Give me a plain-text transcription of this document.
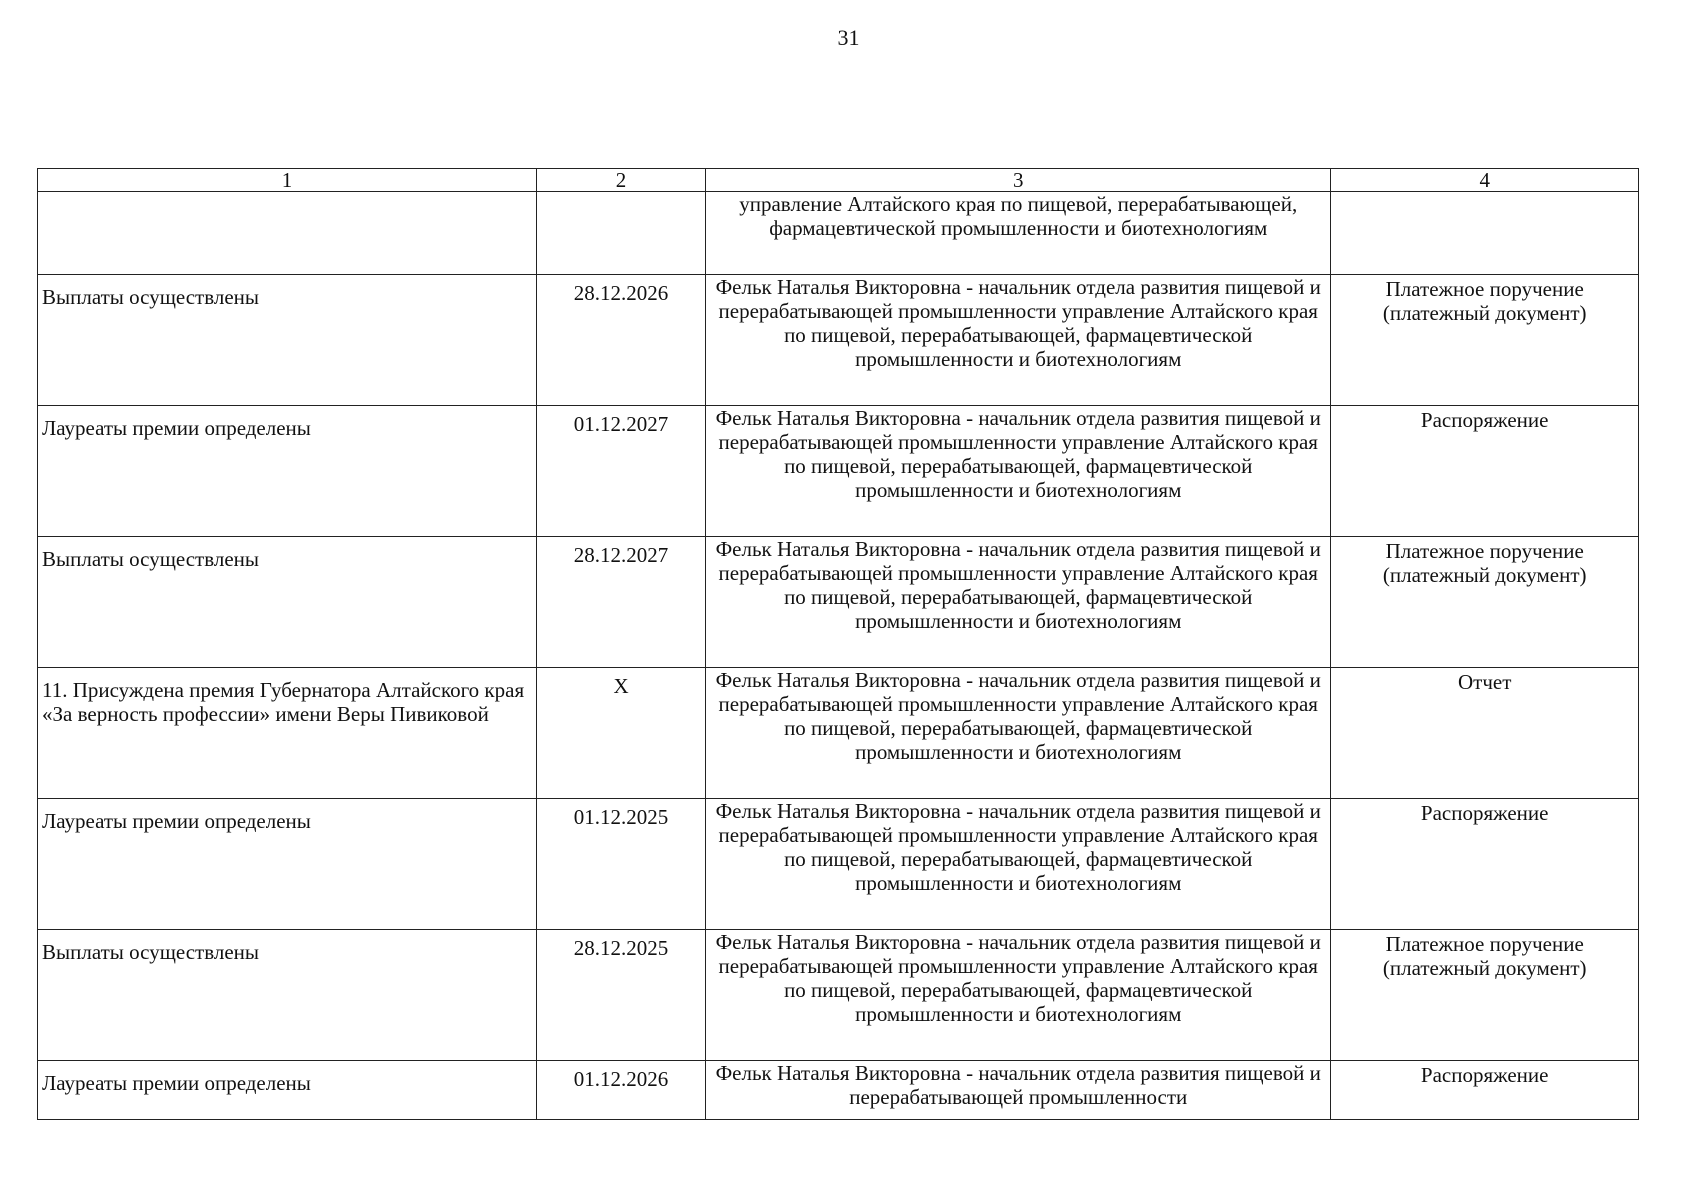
31
1	2	3	4
		управление Алтайского края по пищевой, перерабатывающей, фармацевтической промышленности и биотехнологиям	
Выплаты осуществлены	28.12.2026	Фельк Наталья Викторовна - начальник отдела развития пищевой и перерабатывающей промышленности управление Алтайского края по пищевой, перерабатывающей, фармацевтической промышленности и биотехнологиям	Платежное поручение (платежный документ)
Лауреаты премии определены	01.12.2027	Фельк Наталья Викторовна - начальник отдела развития пищевой и перерабатывающей промышленности управление Алтайского края по пищевой, перерабатывающей, фармацевтической промышленности и биотехнологиям	Распоряжение
Выплаты осуществлены	28.12.2027	Фельк Наталья Викторовна - начальник отдела развития пищевой и перерабатывающей промышленности управление Алтайского края по пищевой, перерабатывающей, фармацевтической промышленности и биотехнологиям	Платежное поручение (платежный документ)
11. Присуждена премия Губернатора Алтайского края «За верность профессии» имени Веры Пивиковой	Х	Фельк Наталья Викторовна - начальник отдела развития пищевой и перерабатывающей промышленности управление Алтайского края по пищевой, перерабатывающей, фармацевтической промышленности и биотехнологиям	Отчет
Лауреаты премии определены	01.12.2025	Фельк Наталья Викторовна - начальник отдела развития пищевой и перерабатывающей промышленности управление Алтайского края по пищевой, перерабатывающей, фармацевтической промышленности и биотехнологиям	Распоряжение
Выплаты осуществлены	28.12.2025	Фельк Наталья Викторовна - начальник отдела развития пищевой и перерабатывающей промышленности управление Алтайского края по пищевой, перерабатывающей, фармацевтической промышленности и биотехнологиям	Платежное поручение (платежный документ)
Лауреаты премии определены	01.12.2026	Фельк Наталья Викторовна - начальник отдела развития пищевой и перерабатывающей промышленности	Распоряжение
